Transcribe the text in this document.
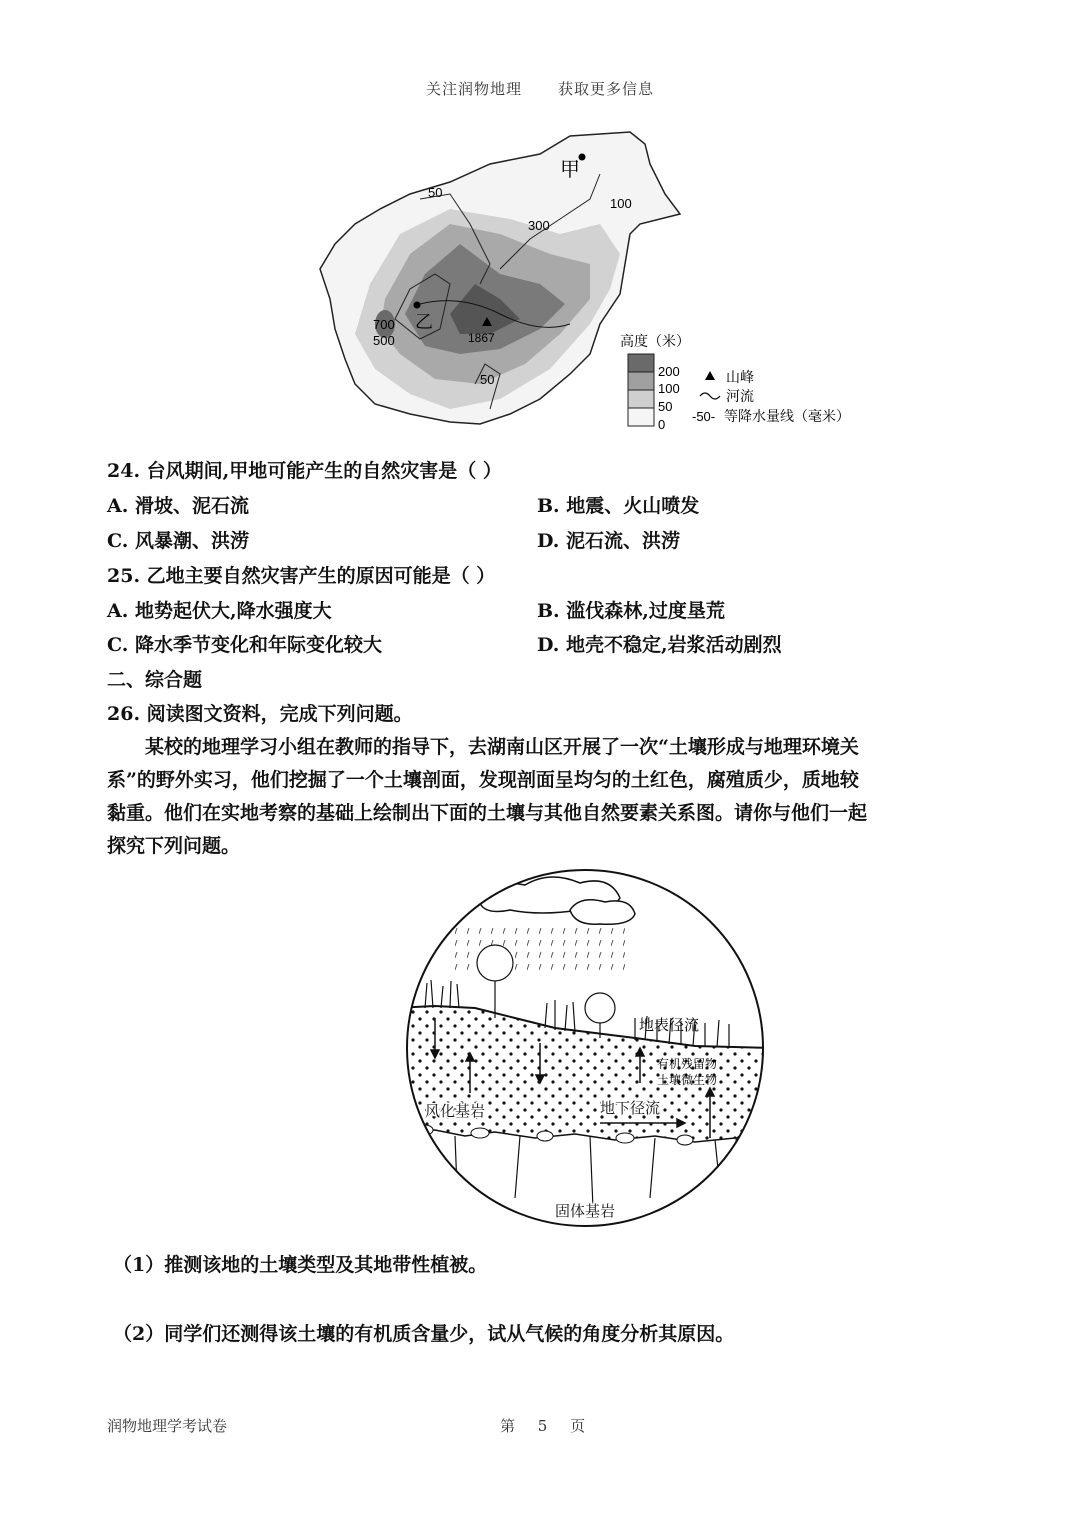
关注润物地理 获取更多信息
甲
乙
50
100
300
700
500	1867
50
高度（米）
200
100
50
0
山峰
河流
-50- 等降水量线（毫米）
24. 台风期间,甲地可能产生的自然灾害是（ ）
A. 滑坡、泥石流	B. 地震、火山喷发
C. 风暴潮、洪涝	D. 泥石流、洪涝
25. 乙地主要自然灾害产生的原因可能是（ ）
A. 地势起伏大,降水强度大	B. 滥伐森林,过度垦荒
C. 降水季节变化和年际变化较大	D. 地壳不稳定,岩浆活动剧烈
二、综合题
26. 阅读图文资料，完成下列问题。
某校的地理学习小组在教师的指导下，去湖南山区开展了一次“土壤形成与地理环境关
系”的野外实习，他们挖掘了一个土壤剖面，发现剖面呈均匀的土红色，腐殖质少，质地较
黏重。他们在实地考察的基础上绘制出下面的土壤与其他自然要素关系图。请你与他们一起
探究下列问题。
地表径流
有机残留物
土壤微生物
风化基岩	地下径流
固体基岩
（1）推测该地的土壤类型及其地带性植被。
（2）同学们还测得该土壤的有机质含量少，试从气候的角度分析其原因。
润物地理学考试卷	第 5 页
